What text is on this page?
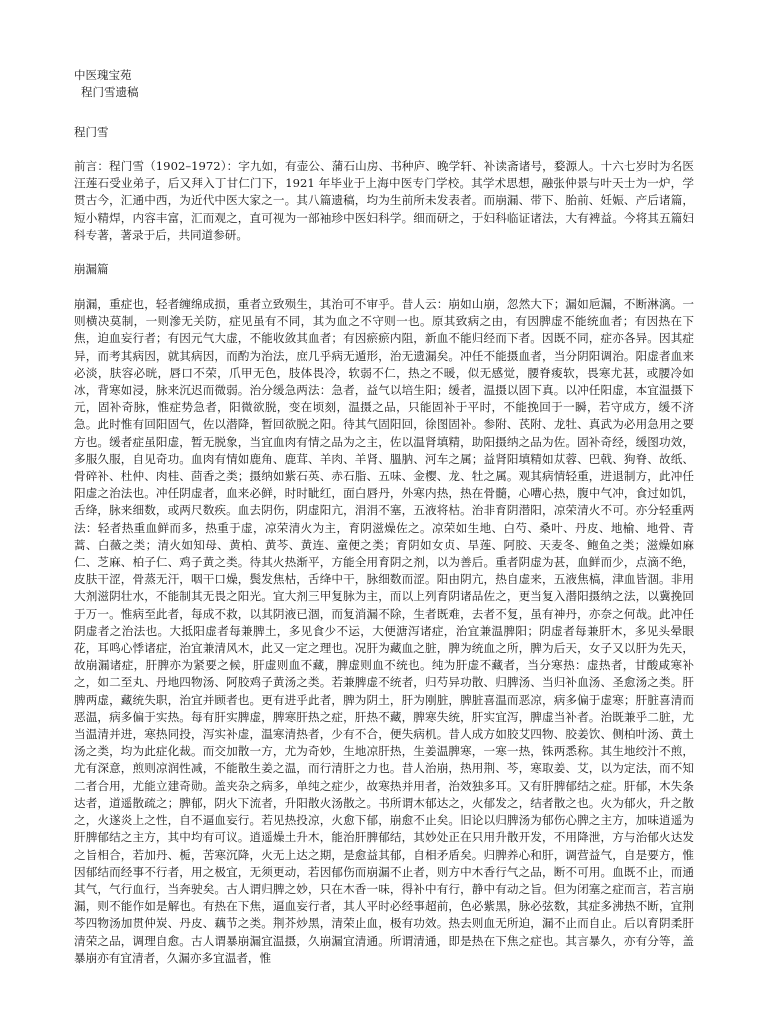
中医瑰宝苑
程门雪遗稿
程门雪
前言：程门雪（1902–1972）：字九如，有壶公、蒲石山房、书种庐、晚学轩、补读斋诸号，婺源人。十六七岁时为名医汪莲石受业弟子，后又拜入丁甘仁门下，1921 年毕业于上海中医专门学校。其学术思想，融张仲景与叶天士为一炉，学贯古今，汇通中西，为近代中医大家之一。其八篇遗稿，均为生前所未发表者。而崩漏、带下、胎前、妊娠、产后诸篇，短小精焊，内容丰富，汇而观之，直可视为一部袖珍中医妇科学。细而研之，于妇科临证诸法，大有裨益。今将其五篇妇科专著，著录于后，共同道参研。
崩漏篇
崩漏，重症也，轻者缠绵成损，重者立致殒生，其治可不审乎。昔人云：崩如山崩，忽然大下；漏如巵漏，不断淋漓。一则横决莫制，一则滲无关防，症见虽有不同，其为血之不守则一也。原其致病之由，有因脾虚不能统血者；有因热在下焦，迫血妄行者；有因元气大虚，不能收敛其血者；有因瘀瘀内阻，新血不能归经而下者。因既不同，症亦各异。因其症异，而考其病因，就其病因，而酌为治法，庶几乎病无遁形，治无遗漏矣。冲任不能摄血者，当分阴阳调治。阳虚者血来必淡，肤容必晄，唇口不荣，爪甲无色，肢体畏冷，软弱不仁，热之不暖，似无感觉，腰脊痠软，畏寒尤甚，或腰冷如冰，背寒如浸，脉来沉迟而微弱。治分缓急两法：急者，益气以培生阳；缓者，温摄以固下真。以冲任阳虚，本宜温摄下元，固补奇脉，惟症势急者，阳微欲脱，变在顷刻，温摄之品，只能固补于平时，不能挽回于一瞬，若守成方，缓不济急。此时惟有回阳固气，佐以潜降，暂回欲脱之阳。待其气固阳回，徐图固补。参附、芪附、龙牡、真武为必用急用之要方也。缓者症虽阳虚，暂无脱象，当宜血肉有情之品为之主，佐以温肾填精，助阳摄纳之品为佐。固补奇经，缓图功效，多服久服，自见奇功。血肉有情如鹿角、鹿茸、羊肉、羊肾、膃肭、河车之属；益肾阳填精如苁蓉、巴戟、狗脊、故纸、骨碎补、杜仲、肉桂、茴香之类；摄纳如紫石英、赤石脂、五味、金樱、龙、牡之属。观其病情轻重，进退制方，此冲任阳虚之治法也。冲任阴虚者，血来必鲜，时时眦红，面白唇丹，外寒内热，热在骨髓，心嘈心热，腹中气冲，食过如饥，舌绛，脉来细数，或两尺数疾。血去阴伤，阴虚阳亢，涓涓不塞，五液将枯。治非育阴潜阳，凉荣清火不可。亦分轻重两法：轻者热重血鲜而多，热重于虚，凉荣清火为主，育阴滋燥佐之。凉荣如生地、白芍、桑叶、丹皮、地榆、地骨、青蒿、白薇之类；清火如知母、黄柏、黄芩、黄连、童便之类；育阴如女贞、旱莲、阿胶、天麦冬、鲍鱼之类；滋燥如麻仁、芝麻、柏子仁、鸡子黄之类。待其火热渐平，方能全用育阴之剂，以为善后。重者阴虚为甚，血鲜而少，点滴不绝，皮肤干涩，骨蒸无汗，咽干口燥，鬓发焦枯，舌绛中干，脉细数而涩。阳由阴亢，热自虚来，五液焦槁，津血皆涸。非用大剂滋阴壮水，不能制其无畏之阳光。宜大剂三甲复脉为主，而以上列育阴诸品佐之，更当复入潜阳摄纳之法，以冀挽回于万一。惟病至此者，每成不救，以其阴液已涸，而复消漏不除，生者既难，去者不复，虽有神丹，亦奈之何哉。此冲任阴虚者之治法也。大抵阳虚者每兼脾土，多见食少不运，大便溏泻诸症，治宜兼温脾阳；阴虚者每兼肝木，多见头晕眼花，耳鸣心悸诸症，治宜兼清风木，此又一定之理也。况肝为藏血之脏，脾为统血之所，脾为后天，女子又以肝为先天，故崩漏诸症，肝脾亦为紧要之候，肝虚则血不藏，脾虚则血不统也。纯为肝虚不藏者，当分寒热：虚热者，甘酸咸寒补之，如二至丸、丹地四物汤、阿胶鸡子黄汤之类。若兼脾虚不统者，归芍异功散、归脾汤、当归补血汤、圣愈汤之类。肝脾两虚，藏统失职，治宜并顾者也。更有进乎此者，脾为阴土，肝为刚脏，脾脏喜温而恶凉，病多偏于虚寒；肝脏喜清而恶温，病多偏于实热。每有肝实脾虚，脾寒肝热之症，肝热不藏，脾寒失统，肝实宜泻，脾虚当补者。治既兼乎二脏，尤当温清并进，寒热同投，泻实补虚，温寒清热者，少有不合，便失病机。昔人成方如胶艾四物、胶姜饮、侧柏叶汤、黄土汤之类，均为此症化裁。而交加散一方，尤为奇妙，生地凉肝热，生姜温脾寒，一寒一热，铢两悉称。其生地绞汁不煎，尤有深意，煎则凉润性减，不能散生姜之温，而行清肝之力也。昔人治崩，热用荆、芩，寒取姜、艾，以为定法，而不知二者合用，尤能立建奇勋。盖夹杂之病多，单纯之症少，故寒热并用者，治效独多耳。又有肝脾郁结之症。肝郁，木失条达者，道遥散疏之；脾郁，阴火下流者，升阳散火汤散之。书所谓木郁达之，火郁发之，结者散之也。火为郁火，升之散之，火遂炎上之性，自不逼血妄行。若见热投凉，火愈下郁，崩愈不止矣。旧论以归脾汤为郁伤心脾之主方，加味逍遥为肝脾郁结之主方，其中均有可议。逍遥燥土升木，能治肝脾郁结，其妙处正在只用升散开发，不用降泄，方与治郁火达发之旨相合，若加丹、栀，苦寒沉降，火无上达之期，是愈益其郁，自相矛盾矣。归脾养心和肝，调营益气，自是要方，惟因郁结而经事不行者，用之极宜，无须更动，若因郁伤而崩漏不止者，则方中木香行气之品，断不可用。血既不止，而通其气，气行血行，当奔驶矣。古人谓归脾之妙，只在木香一味，得补中有行，静中有动之旨。但为闭塞之症而言，若言崩漏，则不能作如是解也。有热在下焦，逼血妄行者，其人平时必经事超前，色必紫黑，脉必弦数，其症多沸热不断，宜荆芩四物汤加贯仲炭、丹皮、藕节之类。荆芥炒黑，清荣止血，极有功效。热去则血无所迫，漏不止而自止。后以育阴柔肝清荣之品，调理自愈。古人谓暴崩漏宜温摄，久崩漏宜清通。所谓清通，即是热在下焦之症也。其言暴久，亦有分等，盖暴崩亦有宜清者，久漏亦多宜温者，惟
